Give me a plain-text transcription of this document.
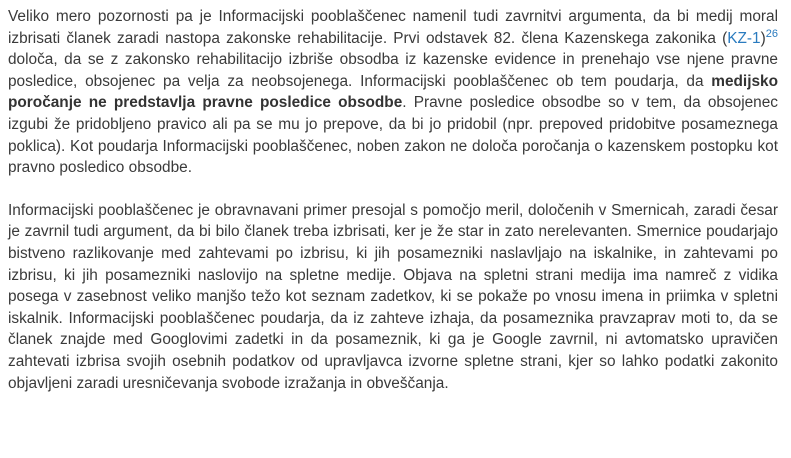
Veliko mero pozornosti pa je Informacijski pooblaščenec namenil tudi zavrnitvi argumenta, da bi medij moral izbrisati članek zaradi nastopa zakonske rehabilitacije. Prvi odstavek 82. člena Kazenskega zakonika (KZ-1)$^{26}$ določa, da se z zakonsko rehabilitacijo izbriše obsodba iz kazenske evidence in prenehajo vse njene pravne posledice, obsojenec pa velja za neobsojenega. Informacijski pooblaščenec ob tem poudarja, da medijsko poročanje ne predstavlja pravne posledice obsodbe. Pravne posledice obsodbe so v tem, da obsojenec izgubi že pridobljeno pravico ali pa se mu jo prepove, da bi jo pridobil (npr. prepoved pridobitve posameznega poklica). Kot poudarja Informacijski pooblaščenec, noben zakon ne določa poročanja o kazenskem postopku kot pravno posledico obsodbe.

Informacijski pooblaščenec je obravnavani primer presojal s pomočjo meril, določenih v Smernicah, zaradi česar je zavrnil tudi argument, da bi bilo članek treba izbrisati, ker je že star in zato nerelevanten. Smernice poudarjajo bistveno razlikovanje med zahtevami po izbrisu, ki jih posamezniki naslavljajo na iskalnike, in zahtevami po izbrisu, ki jih posamezniki naslovijo na spletne medije. Objava na spletni strani medija ima namreč z vidika posega v zasebnost veliko manjšo težo kot seznam zadetkov, ki se pokaže po vnosu imena in priimka v spletni iskalnik. Informacijski pooblaščenec poudarja, da iz zahteve izhaja, da posameznika pravzaprav moti to, da se članek znajde med Googlovimi zadetki in da posameznik, ki ga je Google zavrnil, ni avtomatsko upravičen zahtevati izbrisa svojih osebnih podatkov od upravljavca izvorne spletne strani, kjer so lahko podatki zakonito objavljeni zaradi uresničevanja svobode izražanja in obveščanja.
